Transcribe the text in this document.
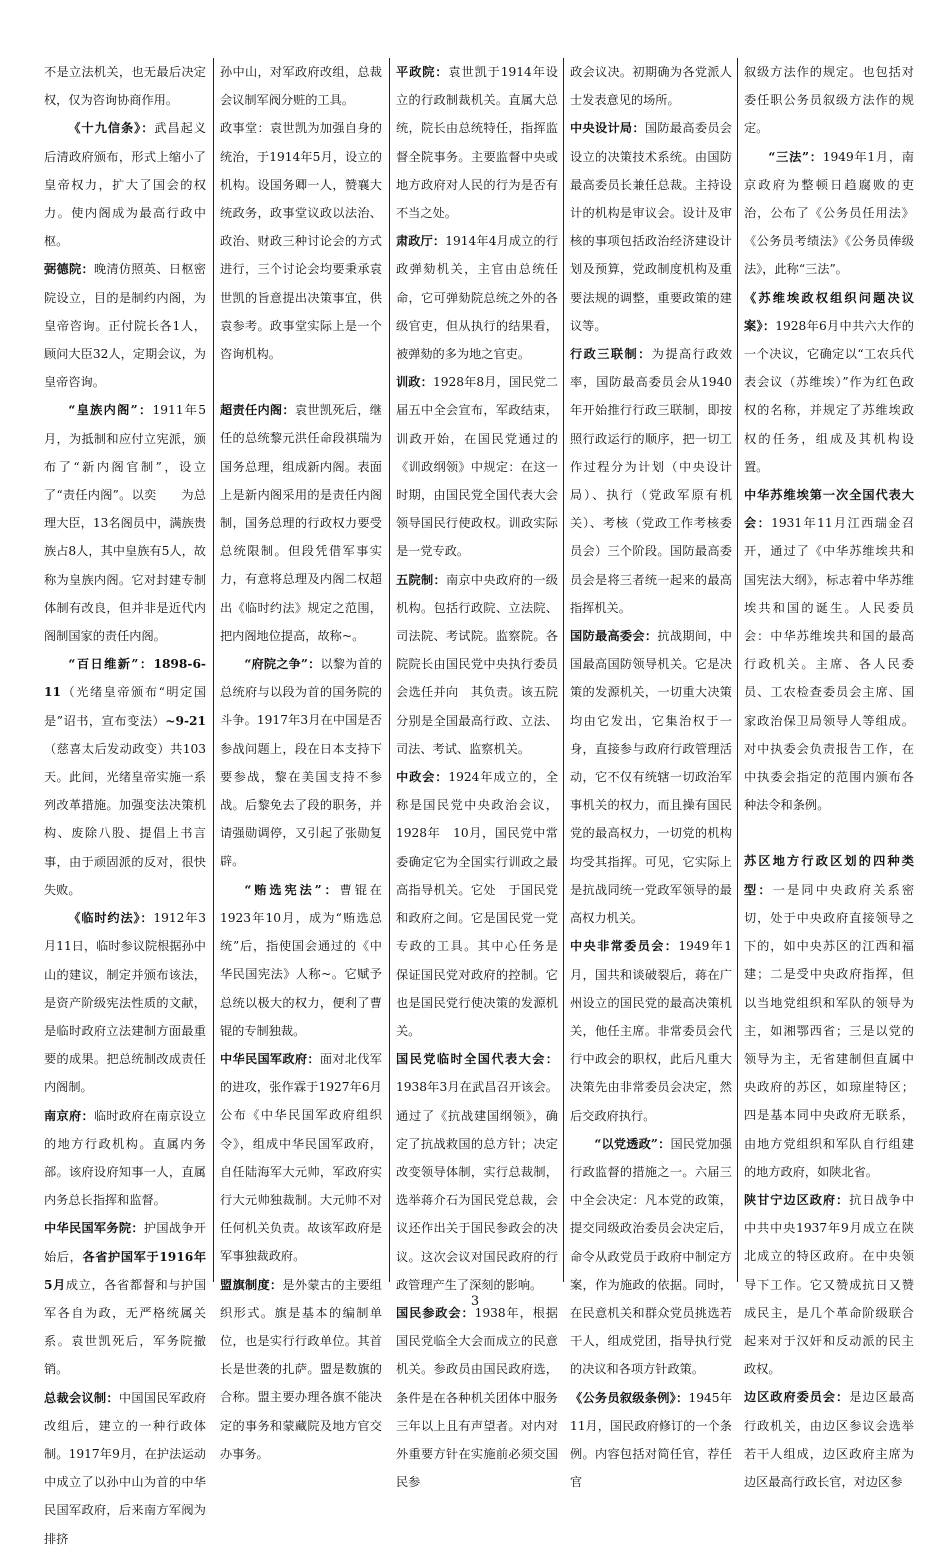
不是立法机关，也无最后决定权，仅为咨询协商作用。

《十九信条》：武昌起义后清政府颁布，形式上缩小了皇帝权力，扩大了国会的权力。使内阁成为最高行政中枢。

弼德院：晚清仿照英、日枢密院设立，目的是制约内阁，为皇帝咨询。正付院长各1人，顾问大臣32人，定期会议，为皇帝咨询。

“皇族内阁”：1911年5月，为抵制和应付立宪派，颁布了“新内阁官制”，设立了“责任内阁”。以奕　　为总理大臣，13名阁员中，满族贵族占8人，其中皇族有5人，故称为皇族内阁。它对封建专制体制有改良，但并非是近代内阁制国家的责任内阁。

“百日维新”：1898-6-11（光绪皇帝颁布“明定国是”诏书，宣布变法）~9-21（慈喜太后发动政变）共103天。此间，光绪皇帝实施一系列改革措施。加强变法决策机构、废除八股、提倡上书言事，由于顽固派的反对，很快失败。

《临时约法》：1912年3月11日，临时参议院根据孙中山的建议，制定并颁布该法，是资产阶级宪法性质的文献，是临时政府立法建制方面最重要的成果。把总统制改成责任内阁制。

南京府：临时政府在南京设立的地方行政机构。直属内务部。该府设府知事一人，直属内务总长指挥和监督。

中华民国军务院：护国战争开始后，各省护国军于1916年5月成立，各省都督和与护国军各自为政，无严格统属关系。袁世凯死后，军务院撤销。

总裁会议制：中国国民军政府改组后，建立的一种行政体制。1917年9月，在护法运动中成立了以孙中山为首的中华民国军政府，后来南方军阀为排挤

孙中山，对军政府改组，总裁会议制军阀分赃的工具。

政事堂：袁世凯为加强自身的统治，于1914年5月，设立的机构。设国务卿一人，赞襄大统政务，政事堂议政以法治、政治、财政三种讨论会的方式进行，三个讨论会均要秉承袁世凯的旨意提出决策事宜，供袁参考。政事堂实际上是一个咨询机构。

超责任内阁：袁世凯死后，继任的总统黎元洪任命段祺瑞为国务总理，组成新内阁。表面上是新内阁采用的是责任内阁制，国务总理的行政权力要受总统限制。但段凭借军事实力，有意将总理及内阁二权超出《临时约法》规定之范围，把内阁地位提高，故称~。

“府院之争”：以黎为首的总统府与以段为首的国务院的斗争。1917年3月在中国是否参战问题上，段在日本支持下要参战，黎在美国支持不参战。后黎免去了段的职务，并请强勋调停，又引起了张勋复辟。

“贿选宪法”：曹锟在1923年10月，成为“贿选总统”后，指使国会通过的《中华民国宪法》人称~。它赋予总统以极大的权力，便利了曹锟的专制独裁。

中华民国军政府：面对北伐军的进攻，张作霖于1927年6月公布《中华民国军政府组织令》，组成中华民国军政府，自任陆海军大元帅，军政府实行大元帅独裁制。大元帅不对任何机关负责。故该军政府是军事独裁政府。

盟旗制度：是外蒙古的主要组织形式。旗是基本的编制单位，也是实行行政单位。其首长是世袭的扎萨。盟是数旗的合称。盟主要办理各旗不能决定的事务和蒙藏院及地方官交办事务。

平政院：袁世凯于1914年设立的行政制裁机关。直属大总统，院长由总统特任，指挥监督全院事务。主要监督中央或地方政府对人民的行为是否有不当之处。

肃政厅：1914年4月成立的行政弹劾机关，主官由总统任命，它可弹劾院总统之外的各级官吏，但从执行的结果看，被弹劾的多为地之官吏。

训政：1928年8月，国民党二届五中全会宣布，军政结束，训政开始，在国民党通过的《训政纲领》中规定：在这一时期，由国民党全国代表大会领导国民行使政权。训政实际是一党专政。

五院制：南京中央政府的一级机构。包括行政院、立法院、司法院、考试院。监察院。各院院长由国民党中央执行委员会选任并向　其负责。该五院分别是全国最高行政、立法、司法、考试、监察机关。

中政会：1924年成立的，全称是国民党中央政治会议，1928年　10月，国民党中常委确定它为全国实行训政之最高指导机关。它处　于国民党和政府之间。它是国民党一党专政的工具。其中心任务是　保证国民党对政府的控制。它也是国民党行使决策的发源机关。

国民党临时全国代表大会：1938年3月在武昌召开该会。通过了《抗战建国纲领》，确定了抗战救国的总方针；决定改变领导体制，实行总裁制，选举蒋介石为国民党总裁，会议还作出关于国民参政会的决议。这次会议对国民政府的行政管理产生了深刻的影响。

国民参政会：1938年，根据国民党临全大会而成立的民意机关。参政员由国民政府选，条件是在各种机关团体中服务三年以上且有声望者。对内对外重要方针在实施前必须交国民参

政会议决。初期确为各党派人士发表意见的场所。

中央设计局：国防最高委员会设立的决策技术系统。由国防最高委员长兼任总裁。主持设计的机构是审议会。设计及审核的事项包括政治经济建设计划及预算，党政制度机构及重要法规的调整，重要政策的建议等。

行政三联制：为提高行政效率，国防最高委员会从1940年开始推行行政三联制，即按照行政运行的顺序，把一切工作过程分为计划（中央设计局）、执行（党政军原有机关）、考核（党政工作考核委员会）三个阶段。国防最高委员会是将三者统一起来的最高指挥机关。

国防最高委会：抗战期间，中国最高国防领导机关。它是决策的发源机关，一切重大决策均由它发出，它集治权于一身，直接参与政府行政管理活动，它不仅有统辖一切政治军事机关的权力，而且操有国民党的最高权力，一切党的机构均受其指挥。可见，它实际上是抗战同统一党政军领导的最高权力机关。

中央非常委员会：1949年1月，国共和谈破裂后，蒋在广州设立的国民党的最高决策机关，他任主席。非常委员会代行中政会的职权，此后凡重大决策先由非常委员会决定，然后交政府执行。

“以党透政”：国民党加强行政监督的措施之一。六届三中全会决定：凡本党的政策，提交同级政治委员会决定后，命令从政党员于政府中制定方案，作为施政的依据。同时，在民意机关和群众党员挑选若干人，组成党团，指导执行党的决议和各项方针政策。

《公务员叙级条例》：1945年11月，国民政府修订的一个条例。内容包括对简任官，荐任官

叙级方法作的规定。也包括对委任职公务员叙级方法作的规定。

“三法”：1949年1月，南京政府为整顿日趋腐败的吏治，公布了《公务员任用法》《公务员考绩法》《公务员俸级法》，此称“三法”。

《苏维埃政权组织问题决议案》：1928年6月中共六大作的一个决议，它确定以“工农兵代表会议（苏维埃）”作为红色政权的名称，并规定了苏维埃政权的任务，组成及其机构设置。

中华苏维埃第一次全国代表大会：1931年11月江西瑞金召开，通过了《中华苏维埃共和国宪法大纲》，标志着中华苏维埃共和国的诞生。人民委员会：中华苏维埃共和国的最高行政机关。主席、各人民委员、工农检查委员会主席、国家政治保卫局领导人等组成。对中执委会负责报告工作，在中执委会指定的范围内颁布各种法令和条例。

苏区地方行政区划的四种类型：一是同中央政府关系密切，处于中央政府直接领导之下的，如中央苏区的江西和福建；二是受中央政府指挥，但以当地党组织和军队的领导为主，如湘鄂西省；三是以党的领导为主，无省建制但直属中央政府的苏区，如琼崖特区；四是基本同中央政府无联系，由地方党组织和军队自行组建的地方政府，如陕北省。

陕甘宁边区政府：抗日战争中中共中央1937年9月成立在陕北成立的特区政府。在中央领导下工作。它又赞成抗日又赞成民主，是几个革命阶级联合起来对于汉奸和反动派的民主政权。

边区政府委员会：是边区最高行政机关，由边区参议会选举若干人组成，边区政府主席为边区最高行政长官，对边区参

3
